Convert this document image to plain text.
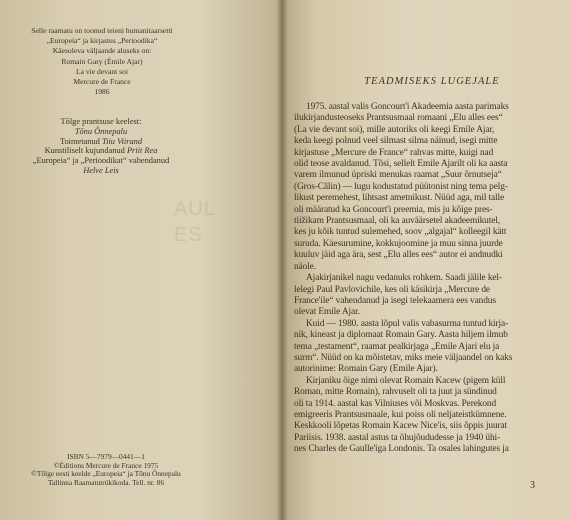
Selle raamatu on toonud teieni humanitaarsetti
„Europeia“ ja kirjastus „Perioodika“
Käesoleva väljaande aluseks on:
Romain Gary (Émile Ajar)
La vie devant soi
Mercure de France
1986
Tõlge prantsuse keelest:
Tõnu Õnnepalu
Toimetanud Tiiu Viirand
Kunstiliselt kujundanud Priit Rea
„Europeia“ ja „Perioodikat“ vahendanud
Helve Leis
AUL
ES
ISBN 5—7979—0441—1
©Éditions Mercure de France 1975
©Tõlge eesti keelde „Europeia“ ja Tõnu Õnnepalu
Tallinna Raamatutrükikoda. Tell. nr. 86
TEADMISEKS LUGEJALE
1975. aastal valis Goncourt'i Akadeemia aasta parimaks
ilukirjandusteoseks Prantsusmaal romaani „Elu alles ees“
(La vie devant soi), mille autoriks oli keegi Émile Ajar,
keda keegi polnud veel silmast silma näinud, isegi mitte
kirjastuse „Mercure de France“ rahvas mitte, kuigi nad
olid teose avaldanud. Tõsi, sellelt Émile Ajarilt oli ka aasta
varem ilmunud üpriski menukas raamat „Suur õrnutseja“
(Gros-Câlin) — lugu kodustatud püütonist ning tema pelg-
likust peremehest, lihtsast ametnikust. Nüüd aga, mil talle
oli määratud ka Goncourt'i preemia, mis ju kõige pres-
tiižikam Prantsusmaal, oli ka auväärsetel akadeemikutel,
kes ju kõik tuntud sulemehed, soov „algajal“ kolleegil kätt
suruda. Käesurumine, kokkujoomine ja muu sinna juurde
kuuluv jäid aga ära, sest „Elu alles ees“ autor ei andnudki
näole.
Ajakirjanikel nagu vedanuks rohkem. Saadi jälile kel-
lelegi Paul Pavlovichile, kes oli käsikirja „Mercure de
France'ile“ vahendanud ja isegi telekaamera ees vandus
olevat Émile Ajar.
Kuid — 1980. aasta lõpul valis vabasurma tuntud kirja-
nik, kineast ja diplomaat Romain Gary. Aasta hiljem ilmub
tema „testament“, raamat pealkirjaga „Émile Ajari elu ja
surm“. Nüüd on ka mõistetav, miks meie väljaandel on kaks
autorinime: Romain Gary (Émile Ajar).
Kirjaniku õige nimi olevat Romain Kacew (pigem küll
Roman, mitte Romain), rahvuselt oli ta juut ja sündinud
oli ta 1914. aastal kas Vilniuses või Moskvas. Perekond
emigreeris Prantsusmaale, kui poiss oli neljateistkümnene.
Keskkooli lõpetas Romain Kacew Nice'is, siis õppis juurat
Pariisis. 1938. aastal astus ta õhujõududesse ja 1940 ühi-
nes Charles de Gaulle'iga Londonis. Ta osales lahingutes ja
3
